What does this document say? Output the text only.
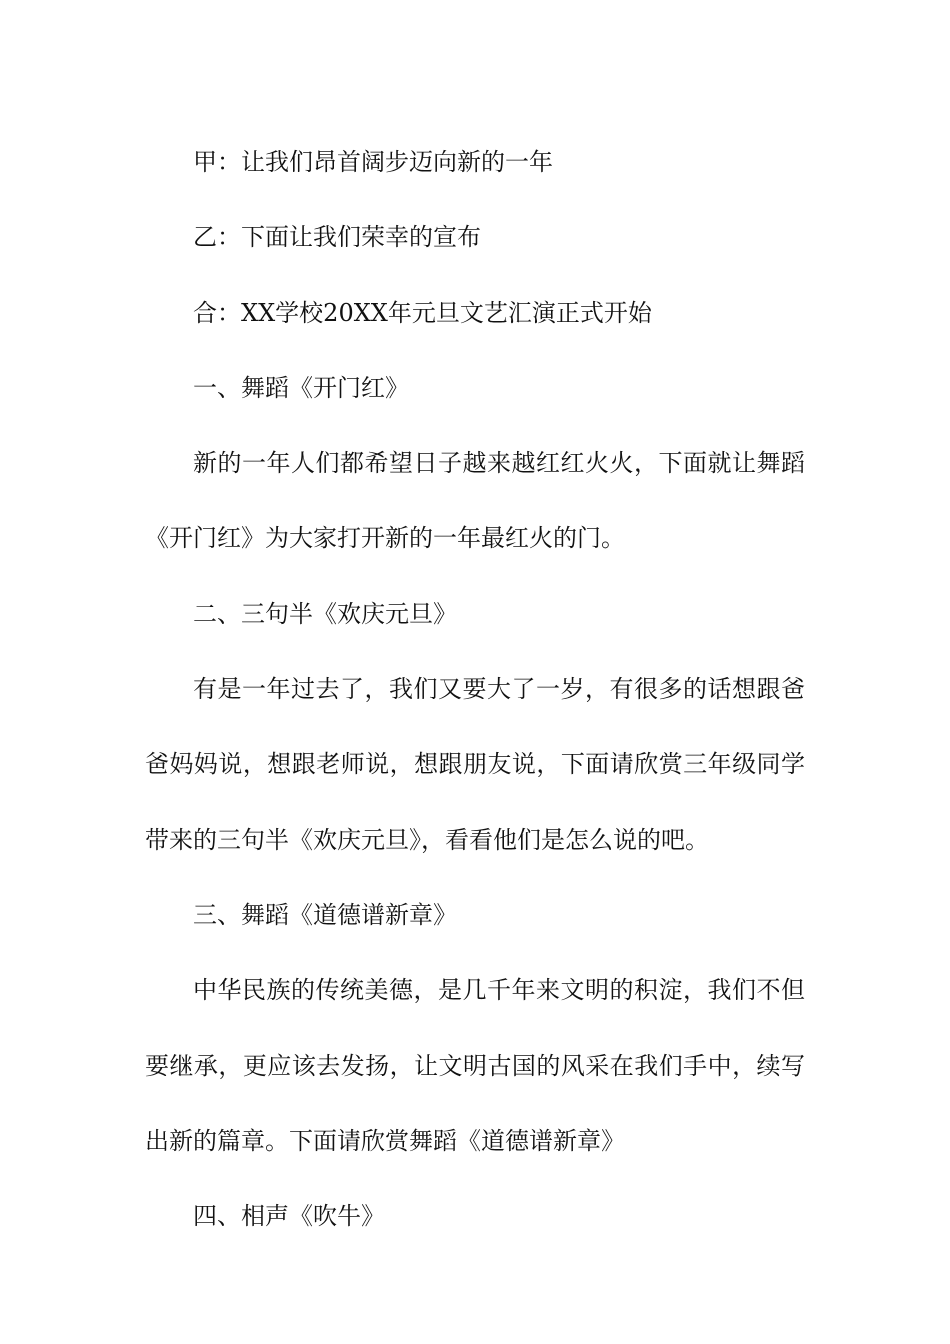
甲：让我们昂首阔步迈向新的一年

乙：下面让我们荣幸的宣布

合：XX学校20XX年元旦文艺汇演正式开始

一、舞蹈《开门红》

新的一年人们都希望日子越来越红红火火，下面就让舞蹈《开门红》为大家打开新的一年最红火的门。

二、三句半《欢庆元旦》

有是一年过去了，我们又要大了一岁，有很多的话想跟爸爸妈妈说，想跟老师说，想跟朋友说，下面请欣赏三年级同学带来的三句半《欢庆元旦》，看看他们是怎么说的吧。

三、舞蹈《道德谱新章》

中华民族的传统美德，是几千年来文明的积淀，我们不但要继承，更应该去发扬，让文明古国的风采在我们手中，续写出新的篇章。下面请欣赏舞蹈《道德谱新章》

四、相声《吹牛》
